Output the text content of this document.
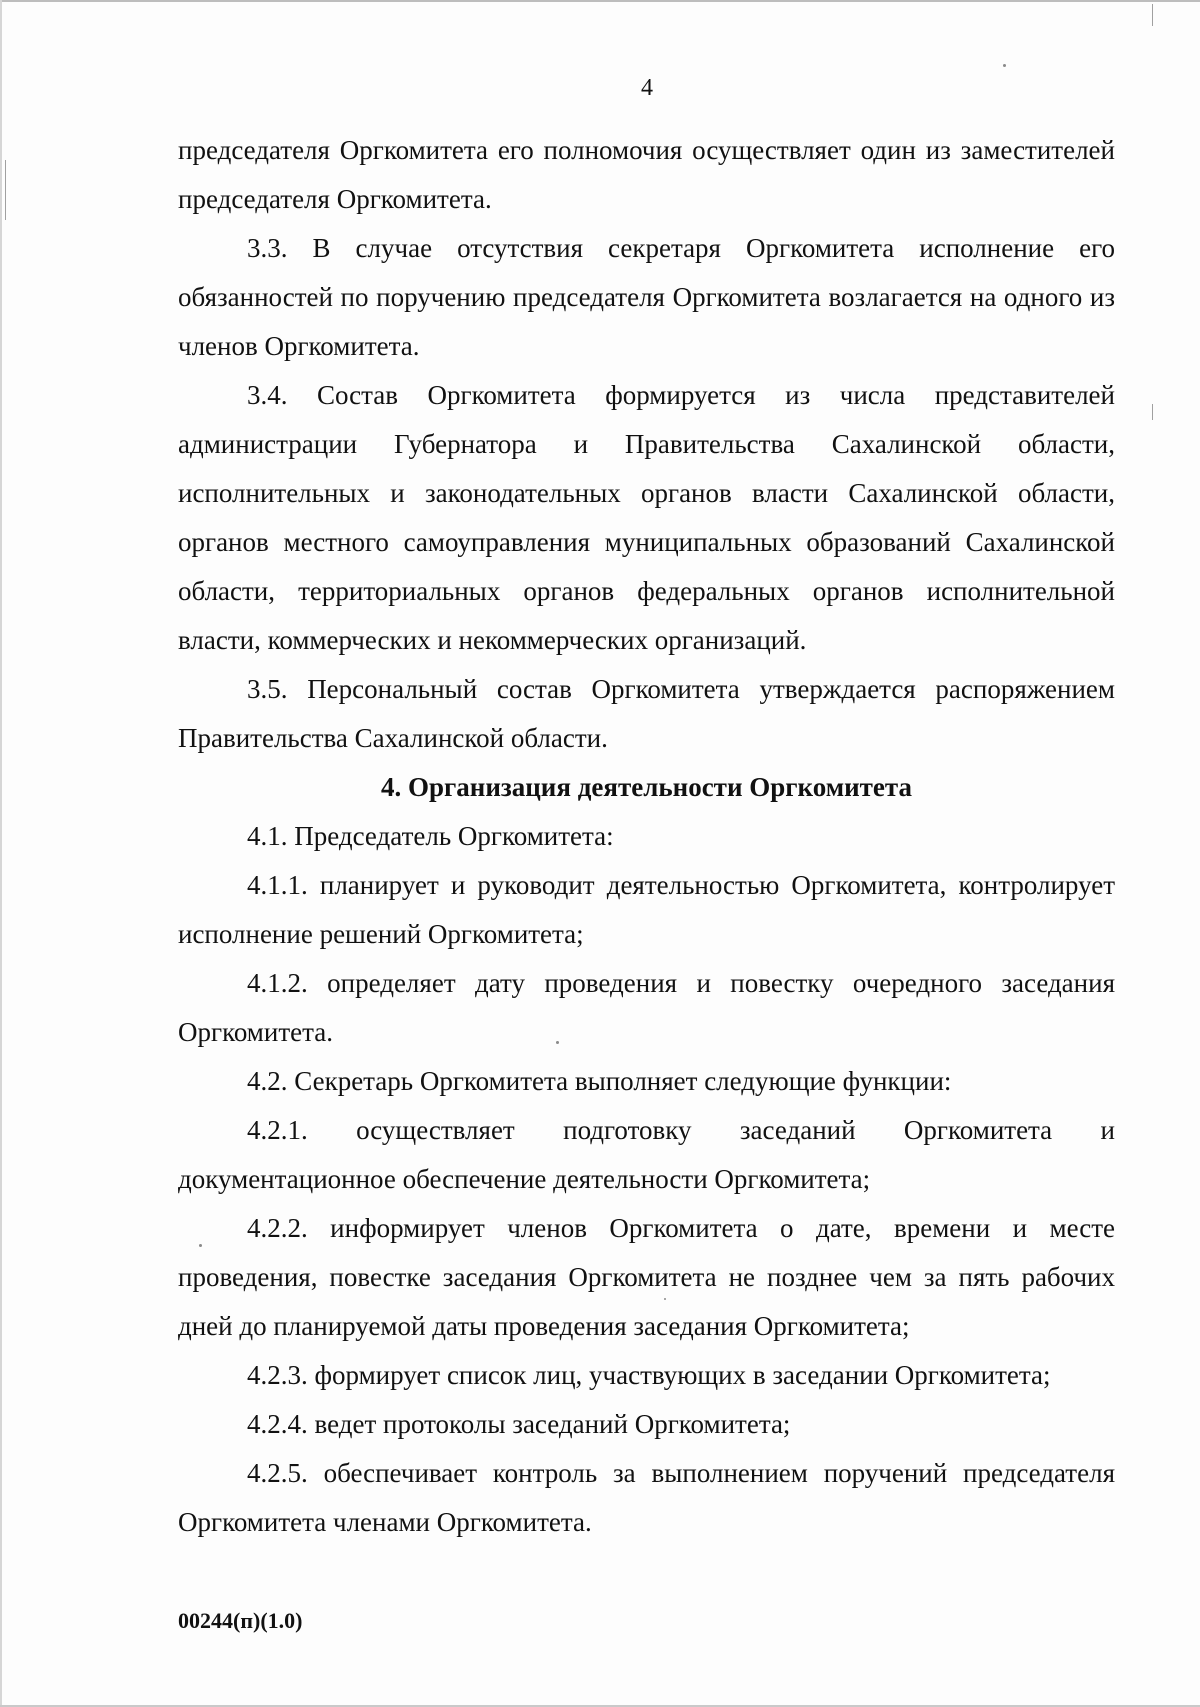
4

председателя Оргкомитета его полномочия осуществляет один из заместителей председателя Оргкомитета.

3.3. В случае отсутствия секретаря Оргкомитета исполнение его обязанностей по поручению председателя Оргкомитета возлагается на одного из членов Оргкомитета.

3.4. Состав Оргкомитета формируется из числа представителей администрации Губернатора и Правительства Сахалинской области, исполнительных и законодательных органов власти Сахалинской области, органов местного самоуправления муниципальных образований Сахалинской области, территориальных органов федеральных органов исполнительной власти, коммерческих и некоммерческих организаций.

3.5. Персональный состав Оргкомитета утверждается распоряжением Правительства Сахалинской области.

4. Организация деятельности Оргкомитета

4.1. Председатель Оргкомитета:

4.1.1. планирует и руководит деятельностью Оргкомитета, контролирует исполнение решений Оргкомитета;

4.1.2. определяет дату проведения и повестку очередного заседания Оргкомитета.

4.2. Секретарь Оргкомитета выполняет следующие функции:

4.2.1. осуществляет подготовку заседаний Оргкомитета и документационное обеспечение деятельности Оргкомитета;

4.2.2. информирует членов Оргкомитета о дате, времени и месте проведения, повестке заседания Оргкомитета не позднее чем за пять рабочих дней до планируемой даты проведения заседания Оргкомитета;

4.2.3. формирует список лиц, участвующих в заседании Оргкомитета;

4.2.4. ведет протоколы заседаний Оргкомитета;

4.2.5. обеспечивает контроль за выполнением поручений председателя Оргкомитета членами Оргкомитета.

00244(п)(1.0)
